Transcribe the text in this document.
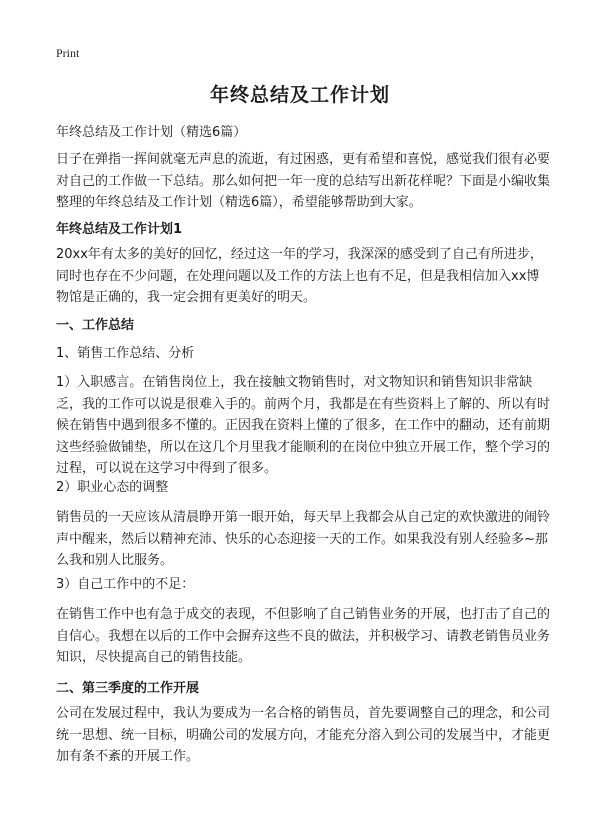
Print
年终总结及工作计划

年终总结及工作计划（精选6篇）

日子在弹指一挥间就毫无声息的流逝，有过困惑，更有希望和喜悦，感觉我们很有必要对自己的工作做一下总结。那么如何把一年一度的总结写出新花样呢？下面是小编收集整理的年终总结及工作计划（精选6篇），希望能够帮助到大家。

年终总结及工作计划1

20xx年有太多的美好的回忆，经过这一年的学习，我深深的感受到了自己有所进步，同时也存在不少问题，在处理问题以及工作的方法上也有不足，但是我相信加入xx博物馆是正确的，我一定会拥有更美好的明天。

一、工作总结

1、销售工作总结、分析

1）入职感言。在销售岗位上，我在接触文物销售时，对文物知识和销售知识非常缺乏，我的工作可以说是很难入手的。前两个月，我都是在有些资料上了解的、所以有时候在销售中遇到很多不懂的。正因我在资料上懂的了很多，在工作中的翻动，还有前期这些经验做铺垫，所以在这几个月里我才能顺利的在岗位中独立开展工作，整个学习的过程，可以说在这学习中得到了很多。

2）职业心态的调整

销售员的一天应该从清晨睁开第一眼开始，每天早上我都会从自己定的欢快激进的闹铃声中醒来，然后以精神充沛、快乐的心态迎接一天的工作。如果我没有别人经验多~那么我和别人比服务。

3）自己工作中的不足：

在销售工作中也有急于成交的表现，不但影响了自己销售业务的开展，也打击了自己的自信心。我想在以后的工作中会摒弃这些不良的做法，并积极学习、请教老销售员业务知识，尽快提高自己的销售技能。

二、第三季度的工作开展

公司在发展过程中，我认为要成为一名合格的销售员，首先要调整自己的理念，和公司统一思想、统一目标，明确公司的发展方向，才能充分溶入到公司的发展当中，才能更加有条不紊的开展工作。
